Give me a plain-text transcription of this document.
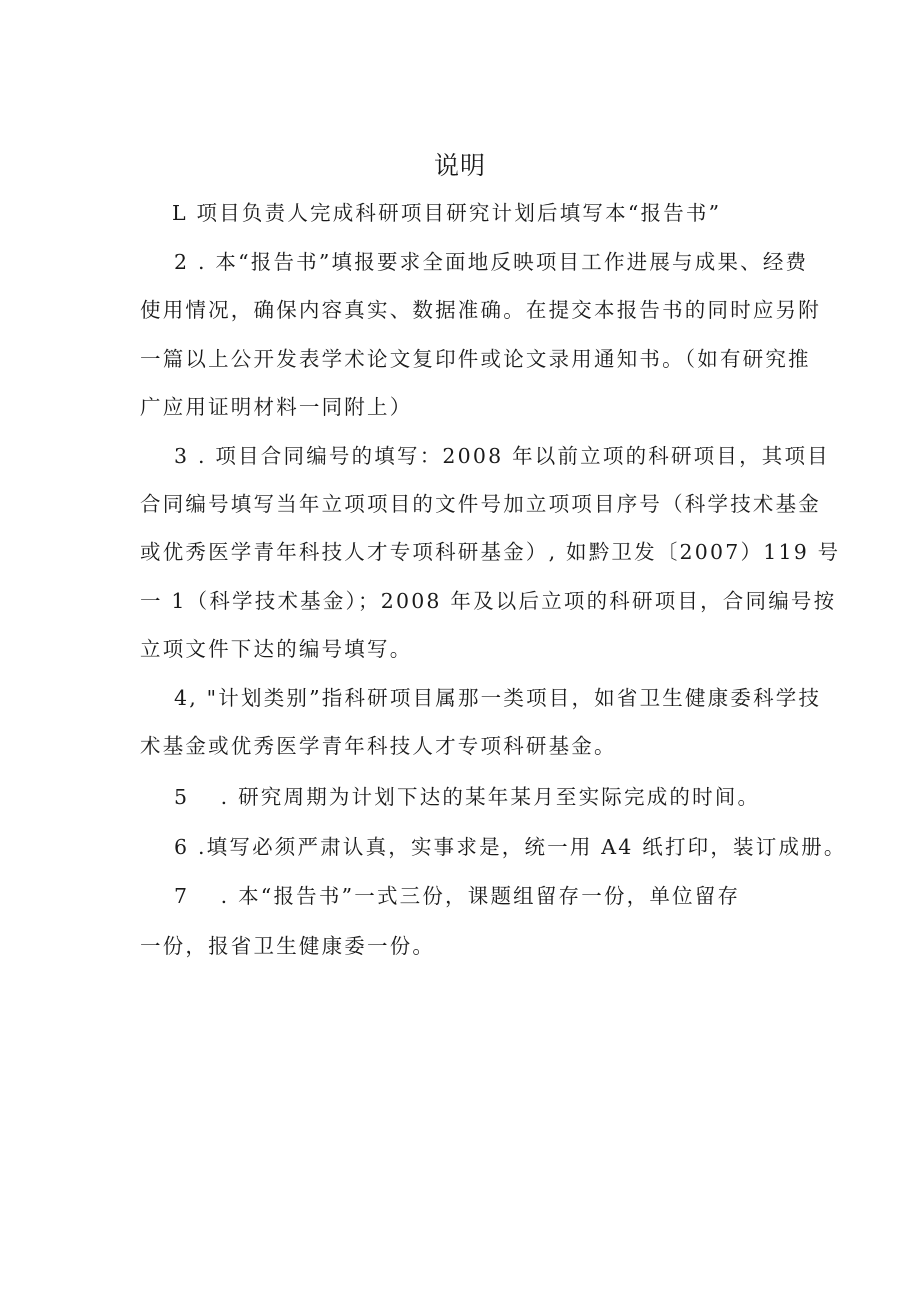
说明
L 项目负责人完成科研项目研究计划后填写本“报告书”
2 . 本“报告书”填报要求全面地反映项目工作进展与成果、经费
使用情况，确保内容真实、数据准确。在提交本报告书的同时应另附
一篇以上公开发表学术论文复印件或论文录用通知书。（如有研究推
广应用证明材料一同附上）
3 . 项目合同编号的填写：2008 年以前立项的科研项目，其项目
合同编号填写当年立项项目的文件号加立项项目序号（科学技术基金
或优秀医学青年科技人才专项科研基金）, 如黔卫发〔2007）119 号
一 1（科学技术基金）；2008 年及以后立项的科研项目，合同编号按
立项文件下达的编号填写。
4, "计划类别”指科研项目属那一类项目，如省卫生健康委科学技
术基金或优秀医学青年科技人才专项科研基金。
5　 . 研究周期为计划下达的某年某月至实际完成的时间。
6 .填写必须严肃认真，实事求是，统一用 A4 纸打印，装订成册。
7　 . 本“报告书”一式三份，课题组留存一份，单位留存
一份，报省卫生健康委一份。
